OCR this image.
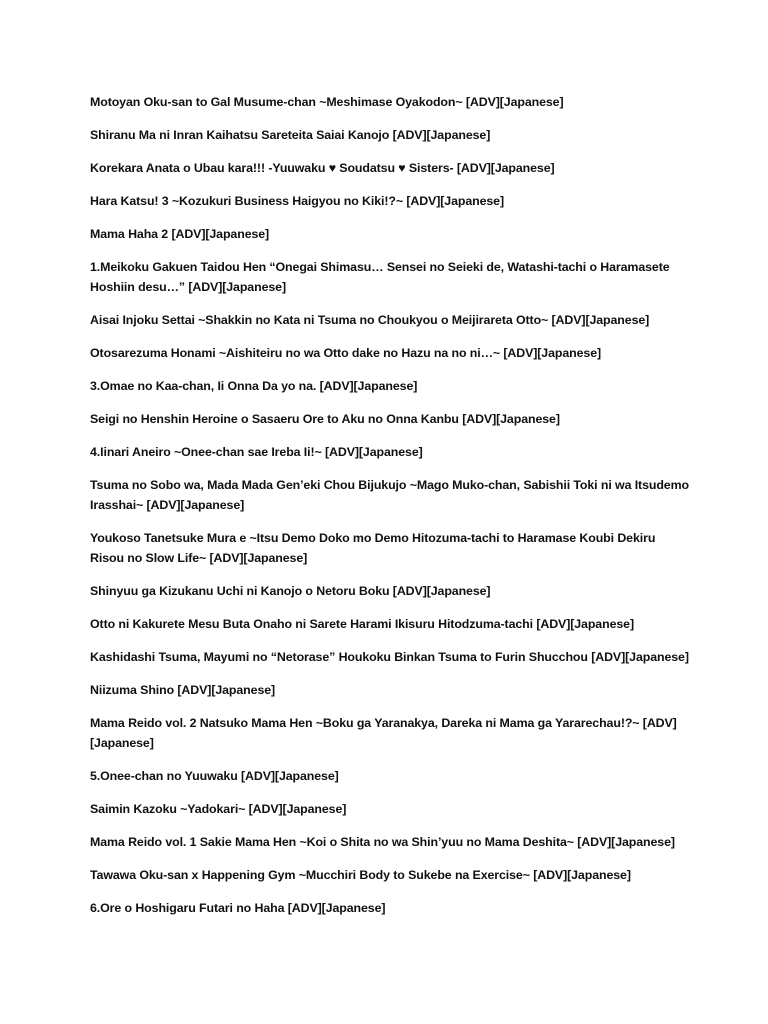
Motoyan Oku-san to Gal Musume-chan ~Meshimase Oyakodon~ [ADV][Japanese]
Shiranu Ma ni Inran Kaihatsu Sareteita Saiai Kanojo [ADV][Japanese]
Korekara Anata o Ubau kara!!! -Yuuwaku ♥ Soudatsu ♥ Sisters- [ADV][Japanese]
Hara Katsu! 3 ~Kozukuri Business Haigyou no Kiki!?~ [ADV][Japanese]
Mama Haha 2 [ADV][Japanese]
1.Meikoku Gakuen Taidou Hen “Onegai Shimasu… Sensei no Seieki de, Watashi-tachi o Haramasete Hoshiin desu…” [ADV][Japanese]
Aisai Injoku Settai ~Shakkin no Kata ni Tsuma no Choukyou o Meijirareta Otto~ [ADV][Japanese]
Otosarezuma Honami ~Aishiteiru no wa Otto dake no Hazu na no ni…~ [ADV][Japanese]
3.Omae no Kaa-chan, Ii Onna Da yo na. [ADV][Japanese]
Seigi no Henshin Heroine o Sasaeru Ore to Aku no Onna Kanbu [ADV][Japanese]
4.Iinari Aneiro ~Onee-chan sae Ireba Ii!~ [ADV][Japanese]
Tsuma no Sobo wa, Mada Mada Gen’eki Chou Bijukujo ~Mago Muko-chan, Sabishii Toki ni wa Itsudemo Irasshai~ [ADV][Japanese]
Youkoso Tanetsuke Mura e ~Itsu Demo Doko mo Demo Hitozuma-tachi to Haramase Koubi Dekiru Risou no Slow Life~ [ADV][Japanese]
Shinyuu ga Kizukanu Uchi ni Kanojo o Netoru Boku [ADV][Japanese]
Otto ni Kakurete Mesu Buta Onaho ni Sarete Harami Ikisuru Hitodzuma-tachi [ADV][Japanese]
Kashidashi Tsuma, Mayumi no “Netorase” Houkoku Binkan Tsuma to Furin Shucchou [ADV][Japanese]
Niizuma Shino [ADV][Japanese]
Mama Reido vol. 2 Natsuko Mama Hen ~Boku ga Yaranakya, Dareka ni Mama ga Yararechau!?~ [ADV][Japanese]
5.Onee-chan no Yuuwaku [ADV][Japanese]
Saimin Kazoku ~Yadokari~ [ADV][Japanese]
Mama Reido vol. 1 Sakie Mama Hen ~Koi o Shita no wa Shin’yuu no Mama Deshita~ [ADV][Japanese]
Tawawa Oku-san x Happening Gym ~Mucchiri Body to Sukebe na Exercise~ [ADV][Japanese]
6.Ore o Hoshigaru Futari no Haha [ADV][Japanese]
